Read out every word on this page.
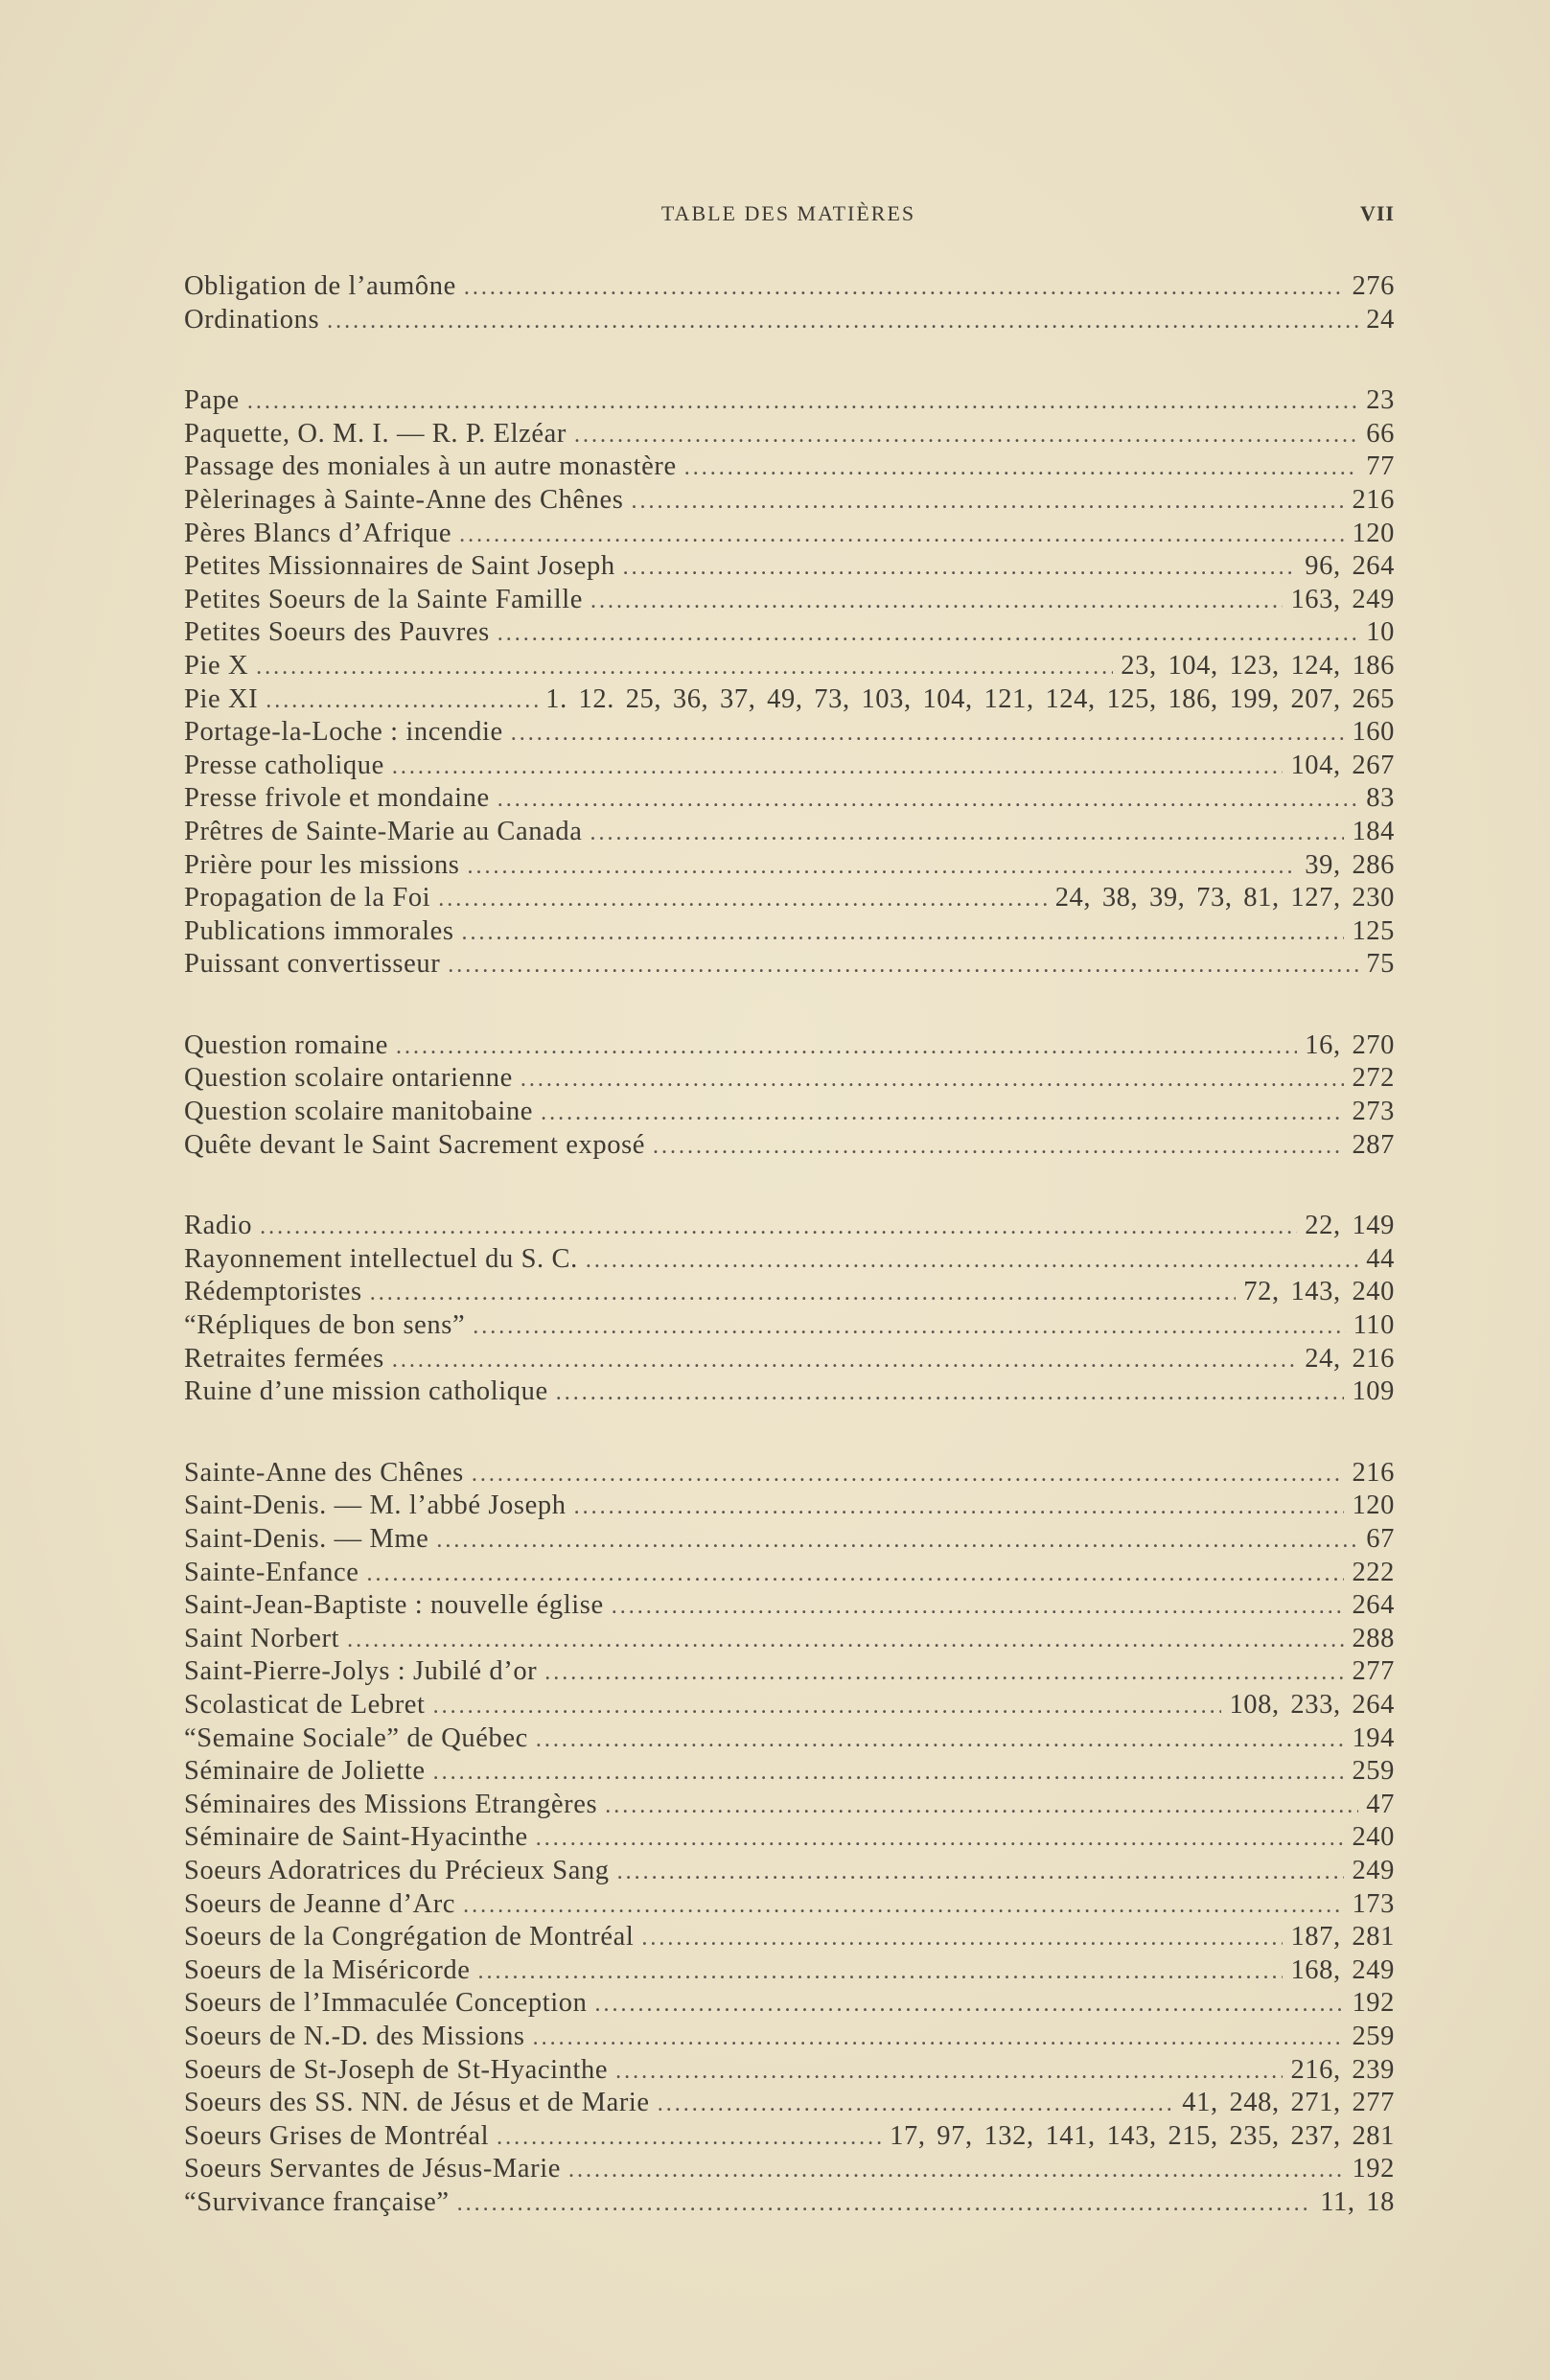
TABLE DES MATIÈRES	VII
Obligation de l’aumône .....	276
Ordinations .....	24
Pape .....	23
Paquette, O. M. I. — R. P. Elzéar .....	66
Passage des moniales à un autre monastère .....	77
Pèlerinages à Sainte-Anne des Chênes .....	216
Pères Blancs d’Afrique .....	120
Petites Missionnaires de Saint Joseph .....	96, 264
Petites Soeurs de la Sainte Famille .....	163, 249
Petites Soeurs des Pauvres .....	10
Pie X .....	23, 104, 123, 124, 186
Pie XI .....	1. 12. 25, 36, 37, 49, 73, 103, 104, 121, 124, 125, 186, 199, 207, 265
Portage-la-Loche : incendie .....	160
Presse catholique .....	104, 267
Presse frivole et mondaine .....	83
Prêtres de Sainte-Marie au Canada .....	184
Prière pour les missions .....	39, 286
Propagation de la Foi .....	24, 38, 39, 73, 81, 127, 230
Publications immorales .....	125
Puissant convertisseur .....	75
Question romaine .....	16, 270
Question scolaire ontarienne .....	272
Question scolaire manitobaine .....	273
Quête devant le Saint Sacrement exposé .....	287
Radio .....	22, 149
Rayonnement intellectuel du S. C. .....	44
Rédemptoristes .....	72, 143, 240
“Répliques de bon sens” .....	110
Retraites fermées .....	24, 216
Ruine d’une mission catholique .....	109
Sainte-Anne des Chênes .....	216
Saint-Denis. — M. l’abbé Joseph .....	120
Saint-Denis. — Mme .....	67
Sainte-Enfance .....	222
Saint-Jean-Baptiste : nouvelle église .....	264
Saint Norbert .....	288
Saint-Pierre-Jolys : Jubilé d’or .....	277
Scolasticat de Lebret .....	108, 233, 264
“Semaine Sociale” de Québec .....	194
Séminaire de Joliette .....	259
Séminaires des Missions Etrangères .....	47
Séminaire de Saint-Hyacinthe .....	240
Soeurs Adoratrices du Précieux Sang .....	249
Soeurs de Jeanne d’Arc .....	173
Soeurs de la Congrégation de Montréal .....	187, 281
Soeurs de la Miséricorde .....	168, 249
Soeurs de l’Immaculée Conception .....	192
Soeurs de N.-D. des Missions .....	259
Soeurs de St-Joseph de St-Hyacinthe .....	216, 239
Soeurs des SS. NN. de Jésus et de Marie .....	41, 248, 271, 277
Soeurs Grises de Montréal .....	17, 97, 132, 141, 143, 215, 235, 237, 281
Soeurs Servantes de Jésus-Marie .....	192
“Survivance française” .....	11, 18
